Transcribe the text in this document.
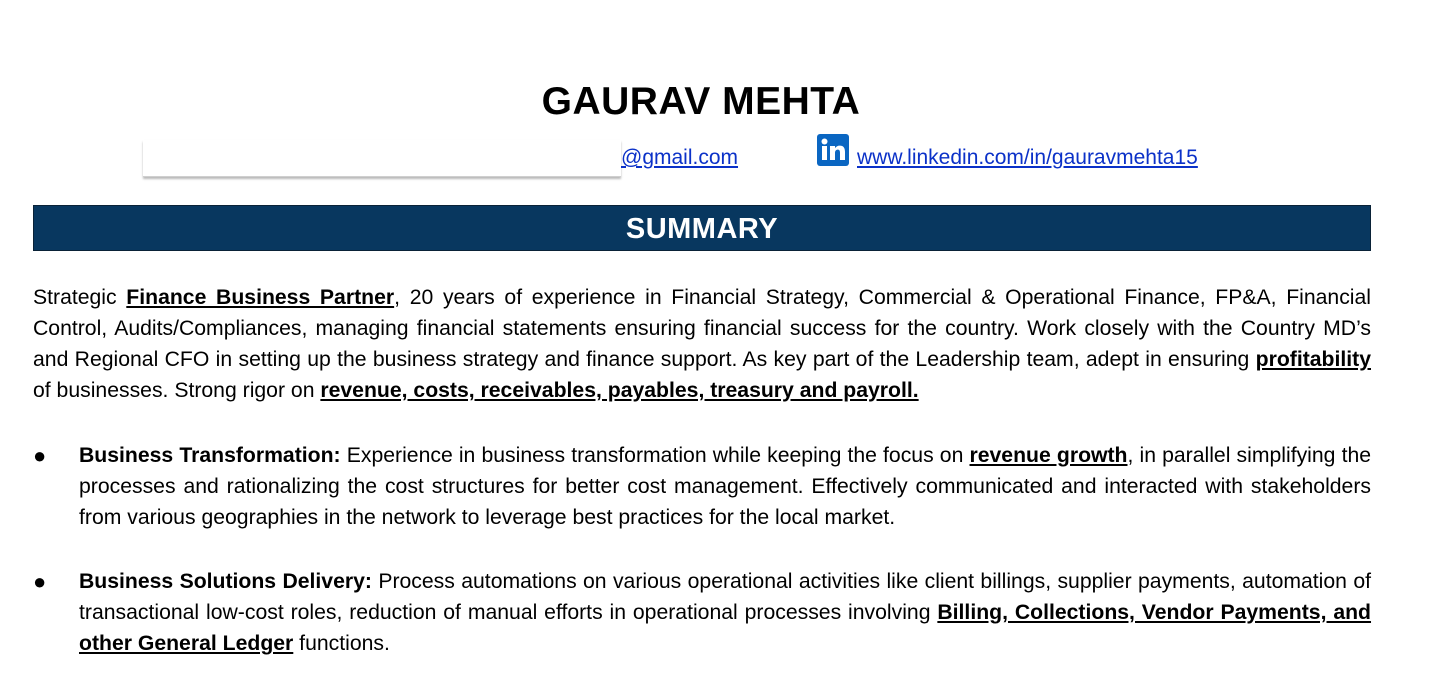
GAURAV MEHTA
@gmail.com	www.linkedin.com/in/gauravmehta15
SUMMARY

Strategic Finance Business Partner, 20 years of experience in Financial Strategy, Commercial & Operational Finance, FP&A, Financial Control, Audits/Compliances, managing financial statements ensuring financial success for the country. Work closely with the Country MD’s and Regional CFO in setting up the business strategy and finance support. As key part of the Leadership team, adept in ensuring profitability of businesses. Strong rigor on revenue, costs, receivables, payables, treasury and payroll.

● Business Transformation: Experience in business transformation while keeping the focus on revenue growth, in parallel simplifying the processes and rationalizing the cost structures for better cost management. Effectively communicated and interacted with stakeholders from various geographies in the network to leverage best practices for the local market.

● Business Solutions Delivery: Process automations on various operational activities like client billings, supplier payments, automation of transactional low-cost roles, reduction of manual efforts in operational processes involving Billing, Collections, Vendor Payments, and other General Ledger functions.
